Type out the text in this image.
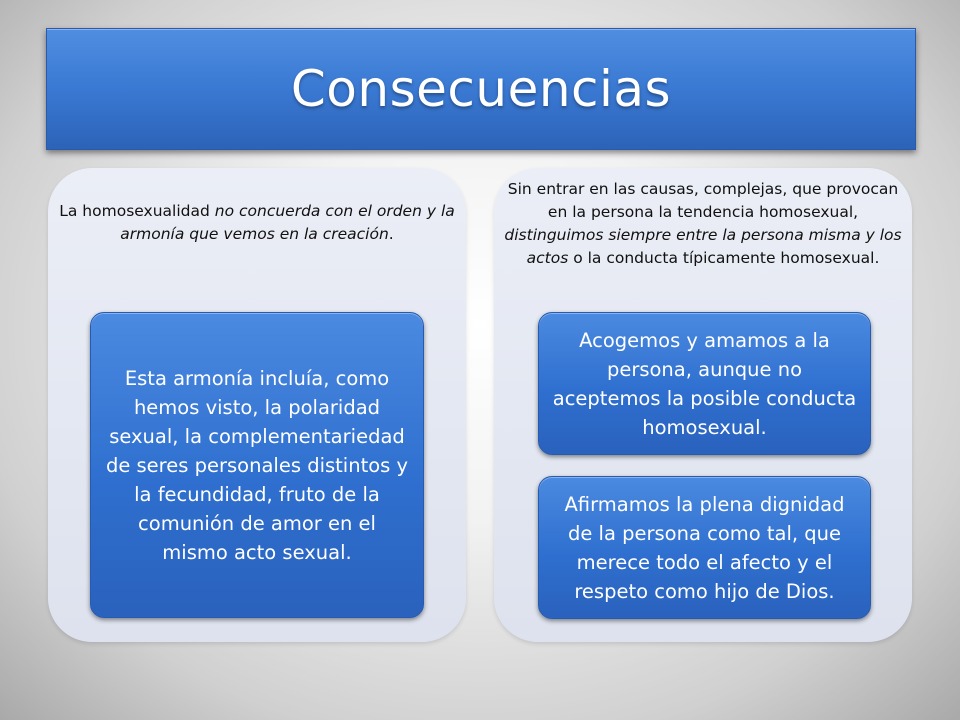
Consecuencias
La homosexualidad no concuerda con el orden y la armonía que vemos en la creación.
Esta armonía incluía, como hemos visto, la polaridad sexual, la complementariedad de seres personales distintos y la fecundidad, fruto de la comunión de amor en el mismo acto sexual.
Sin entrar en las causas, complejas, que provocan en la persona la tendencia homosexual, distinguimos siempre entre la persona misma y los actos o la conducta típicamente homosexual.
Acogemos y amamos a la persona, aunque no aceptemos la posible conducta homosexual.
Afirmamos la plena dignidad de la persona como tal, que merece todo el afecto y el respeto como hijo de Dios.
